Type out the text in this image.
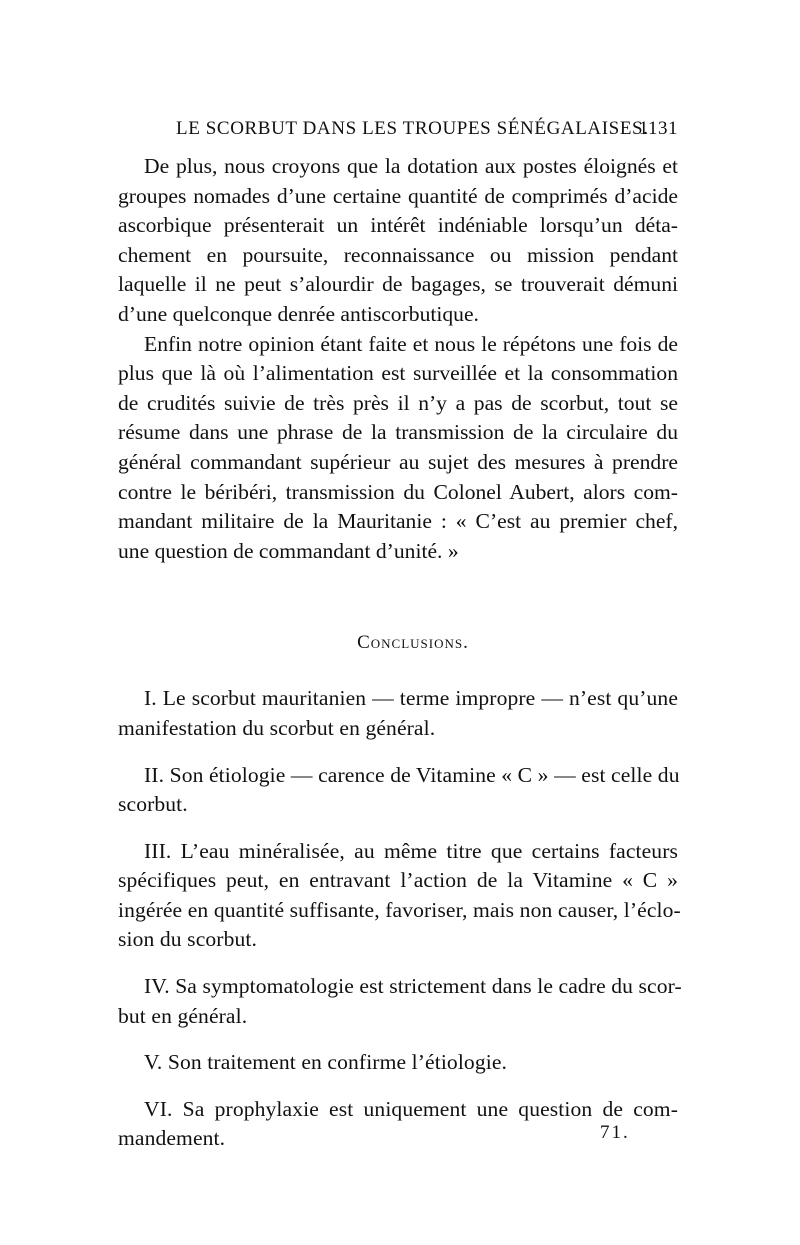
LE SCORBUT DANS LES TROUPES SÉNÉGALAISES.
1131
De plus, nous croyons que la dotation aux postes éloignés et
groupes nomades d’une certaine quantité de comprimés d’acide
ascorbique présenterait un intérêt indéniable lorsqu’un déta-
chement en poursuite, reconnaissance ou mission pendant
laquelle il ne peut s’alourdir de bagages, se trouverait démuni
d’une quelconque denrée antiscorbutique.
Enfin notre opinion étant faite et nous le répétons une fois de
plus que là où l’alimentation est surveillée et la consommation
de crudités suivie de très près il n’y a pas de scorbut, tout se
résume dans une phrase de la transmission de la circulaire du
général commandant supérieur au sujet des mesures à prendre
contre le béribéri, transmission du Colonel Aubert, alors com-
mandant militaire de la Mauritanie : « C’est au premier chef,
une question de commandant d’unité. »
Conclusions.
I. Le scorbut mauritanien — terme impropre — n’est qu’une
manifestation du scorbut en général.
II. Son étiologie — carence de Vitamine « C » — est celle du
scorbut.
III. L’eau minéralisée, au même titre que certains facteurs
spécifiques peut, en entravant l’action de la Vitamine « C »
ingérée en quantité suffisante, favoriser, mais non causer, l’éclo-
sion du scorbut.
IV. Sa symptomatologie est strictement dans le cadre du scor-
but en général.
V. Son traitement en confirme l’étiologie.
VI. Sa prophylaxie est uniquement une question de com-
mandement.	71.
